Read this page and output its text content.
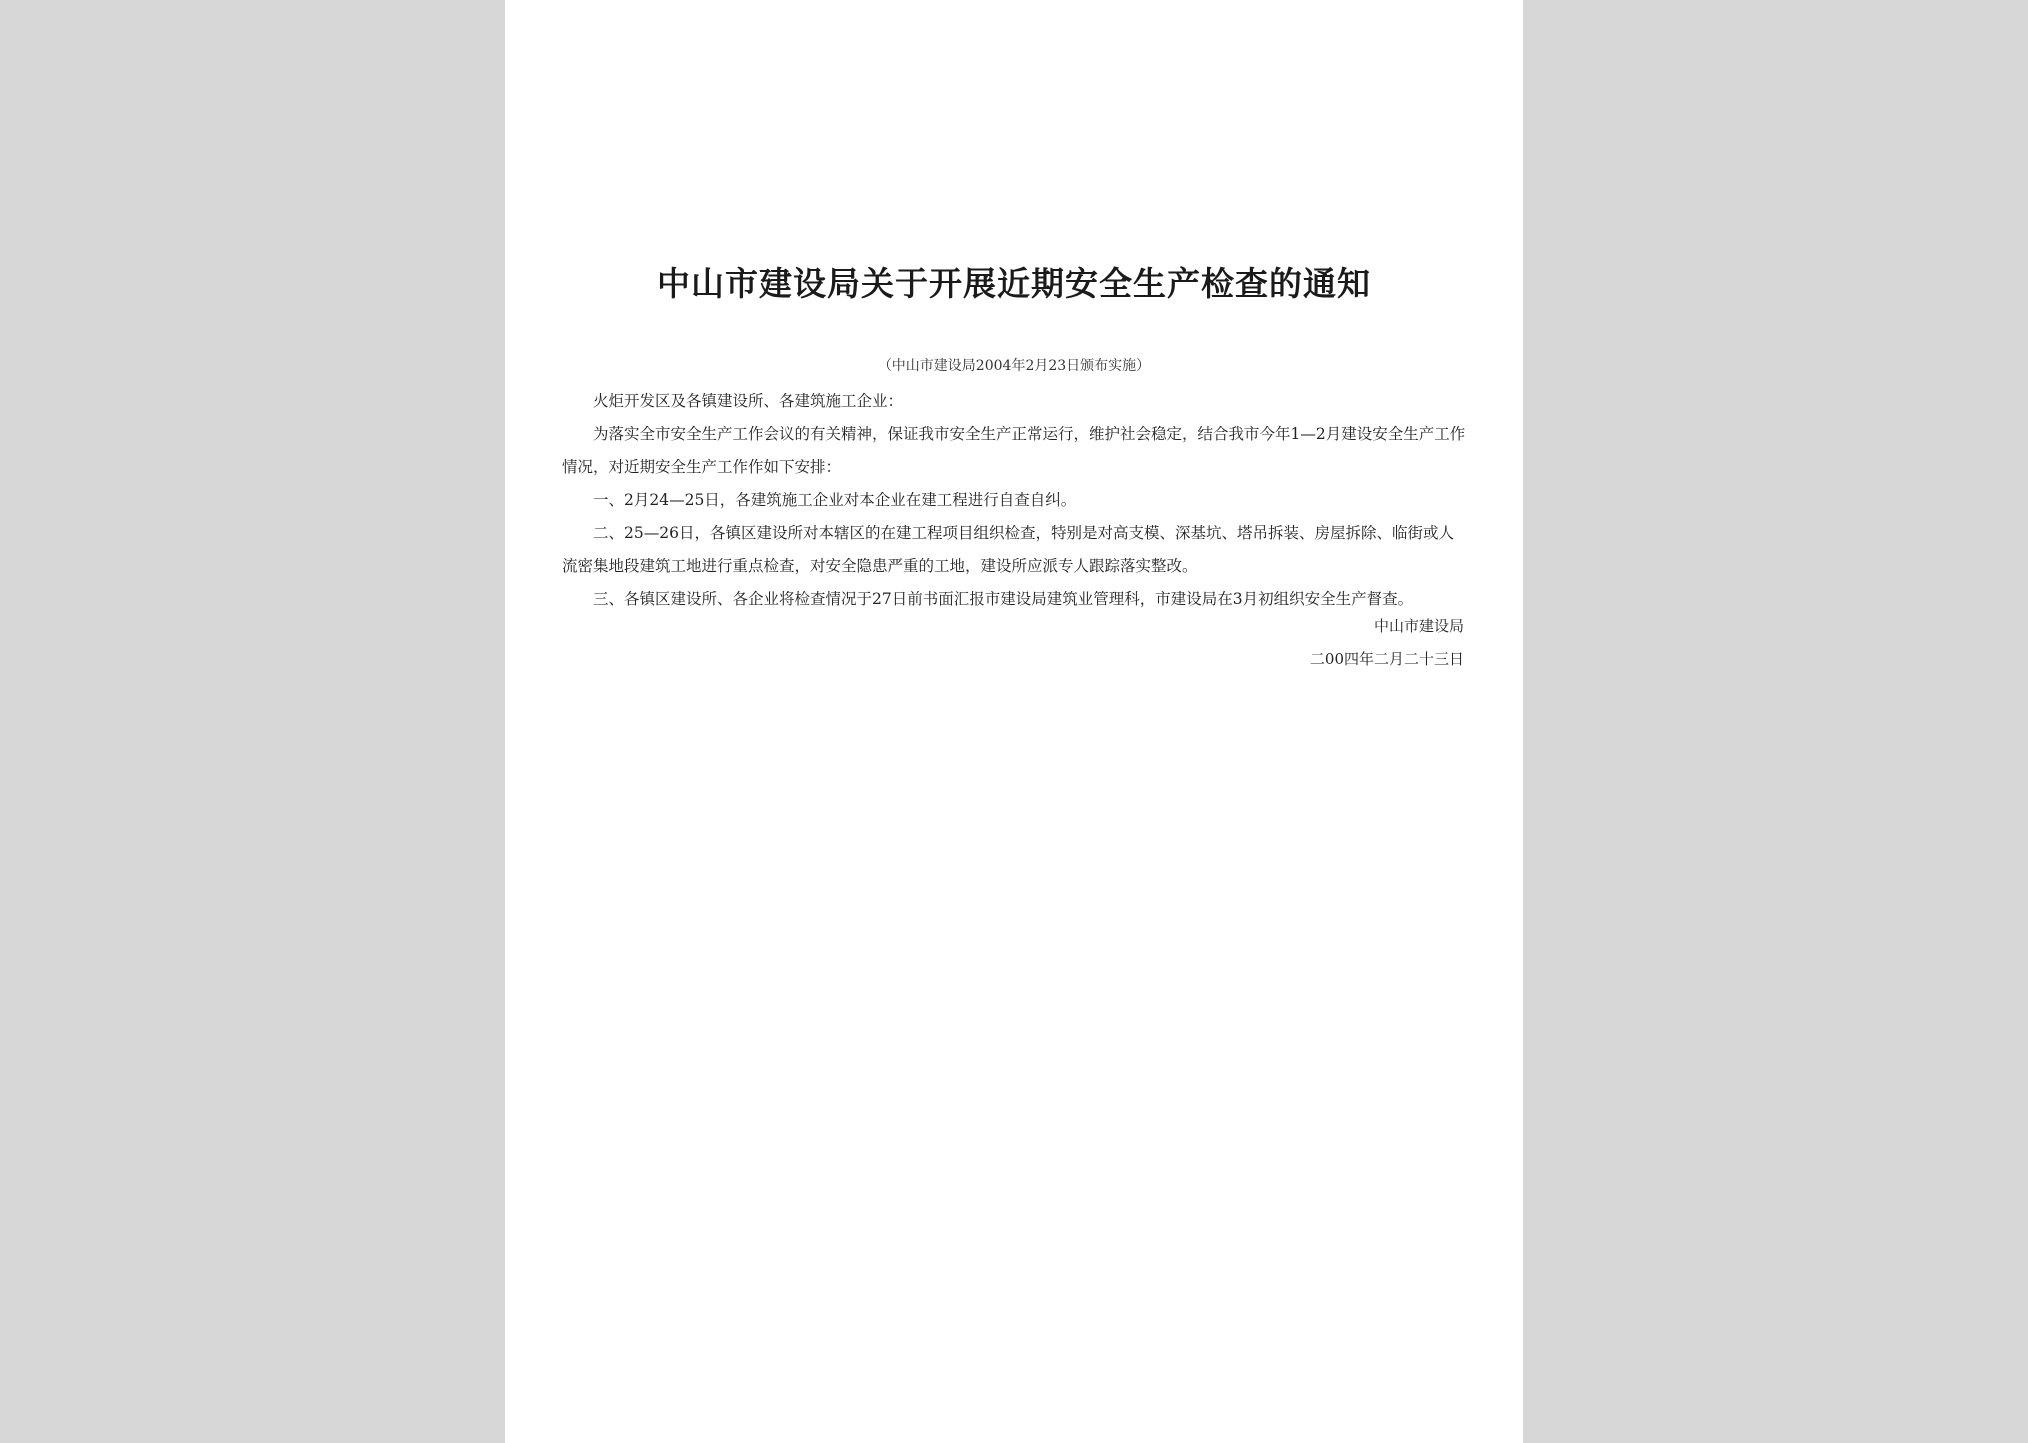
中山市建设局关于开展近期安全生产检查的通知
（中山市建设局2004年2月23日颁布实施）

火炬开发区及各镇建设所、各建筑施工企业：

为落实全市安全生产工作会议的有关精神，保证我市安全生产正常运行，维护社会稳定，结合我市今年1—2月建设安全生产工作情况，对近期安全生产工作作如下安排：

一、2月24—25日，各建筑施工企业对本企业在建工程进行自查自纠。

二、25—26日，各镇区建设所对本辖区的在建工程项目组织检查，特别是对高支模、深基坑、塔吊拆装、房屋拆除、临街或人流密集地段建筑工地进行重点检查，对安全隐患严重的工地，建设所应派专人跟踪落实整改。

三、各镇区建设所、各企业将检查情况于27日前书面汇报市建设局建筑业管理科，市建设局在3月初组织安全生产督查。

中山市建设局
二00四年二月二十三日
